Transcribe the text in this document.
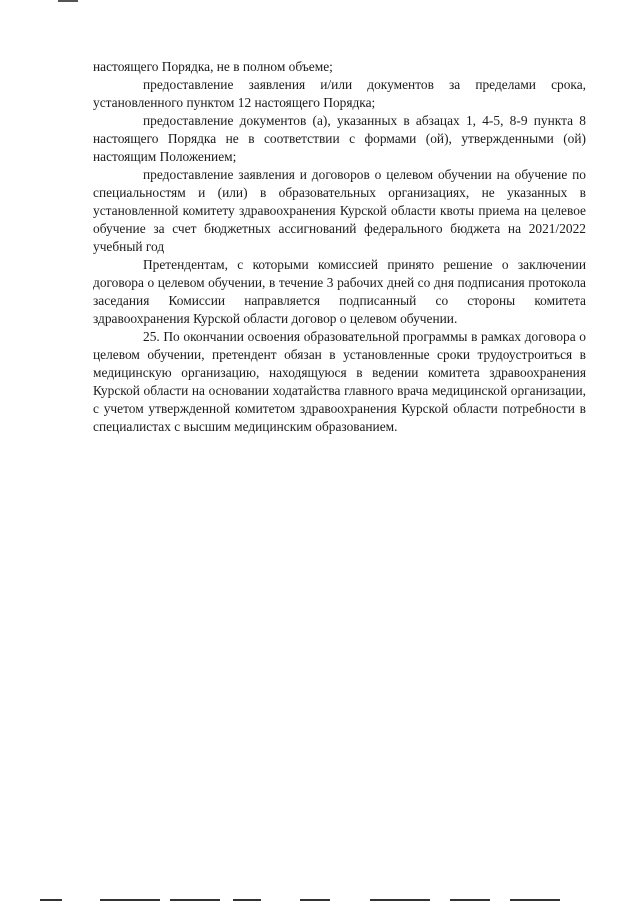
настоящего Порядка, не в полном объеме;

предоставление заявления и/или документов за пределами срока, установленного пунктом 12 настоящего Порядка;

предоставление документов (а), указанных в абзацах 1, 4-5, 8-9 пункта 8 настоящего Порядка не в соответствии с формами (ой), утвержденными (ой) настоящим Положением;

предоставление заявления и договоров о целевом обучении на обучение по специальностям и (или) в образовательных организациях, не указанных в установленной комитету здравоохранения Курской области квоты приема на целевое обучение за счет бюджетных ассигнований федерального бюджета на 2021/2022 учебный год

Претендентам, с которыми комиссией принято решение о заключении договора о целевом обучении, в течение 3 рабочих дней со дня подписания протокола заседания Комиссии направляется подписанный со стороны комитета здравоохранения Курской области договор о целевом обучении.

25. По окончании освоения образовательной программы в рамках договора о целевом обучении, претендент обязан в установленные сроки трудоустроиться в медицинскую организацию, находящуюся в ведении комитета здравоохранения Курской области на основании ходатайства главного врача медицинской организации, с учетом утвержденной комитетом здравоохранения Курской области потребности в специалистах с высшим медицинским образованием.
